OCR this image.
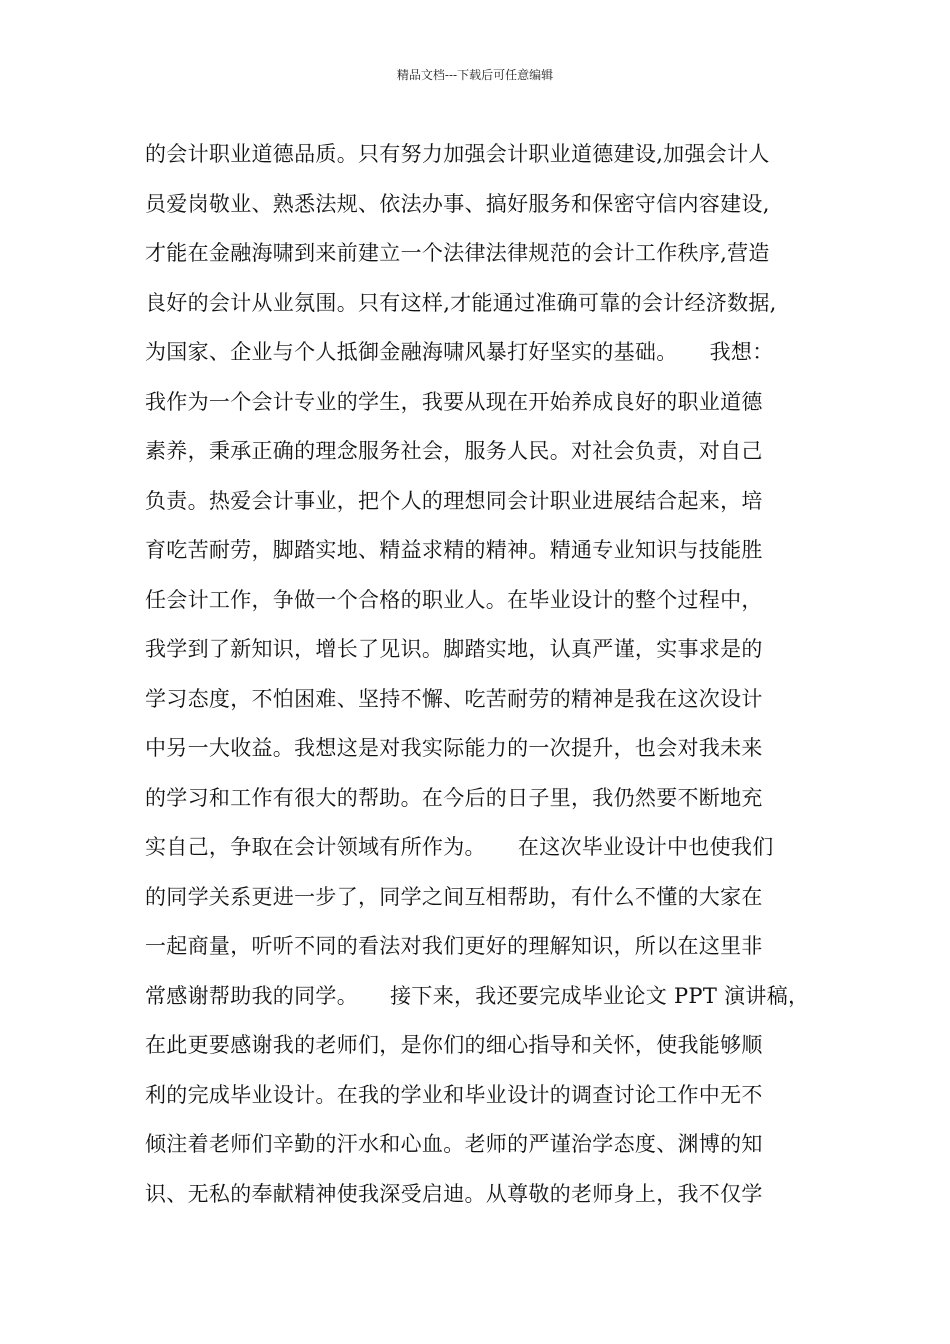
精品文档---下载后可任意编辑
的会计职业道德品质。只有努力加强会计职业道德建设,加强会计人
员爱岗敬业、熟悉法规、依法办事、搞好服务和保密守信内容建设,
才能在金融海啸到来前建立一个法律法律规范的会计工作秩序,营造
良好的会计从业氛围。只有这样,才能通过准确可靠的会计经济数据,
为国家、企业与个人抵御金融海啸风暴打好坚实的基础。　　我想：
我作为一个会计专业的学生，我要从现在开始养成良好的职业道德
素养，秉承正确的理念服务社会，服务人民。对社会负责，对自己
负责。热爱会计事业，把个人的理想同会计职业进展结合起来，培
育吃苦耐劳，脚踏实地、精益求精的精神。精通专业知识与技能胜
任会计工作，争做一个合格的职业人。在毕业设计的整个过程中，
我学到了新知识，增长了见识。脚踏实地，认真严谨，实事求是的
学习态度，不怕困难、坚持不懈、吃苦耐劳的精神是我在这次设计
中另一大收益。我想这是对我实际能力的一次提升，也会对我未来
的学习和工作有很大的帮助。在今后的日子里，我仍然要不断地充
实自己，争取在会计领域有所作为。　　在这次毕业设计中也使我们
的同学关系更进一步了，同学之间互相帮助，有什么不懂的大家在
一起商量，听听不同的看法对我们更好的理解知识，所以在这里非
常感谢帮助我的同学。　　接下来，我还要完成毕业论文 PPT 演讲稿，
在此更要感谢我的老师们，是你们的细心指导和关怀，使我能够顺
利的完成毕业设计。在我的学业和毕业设计的调查讨论工作中无不
倾注着老师们辛勤的汗水和心血。老师的严谨治学态度、渊博的知
识、无私的奉献精神使我深受启迪。从尊敬的老师身上，我不仅学
